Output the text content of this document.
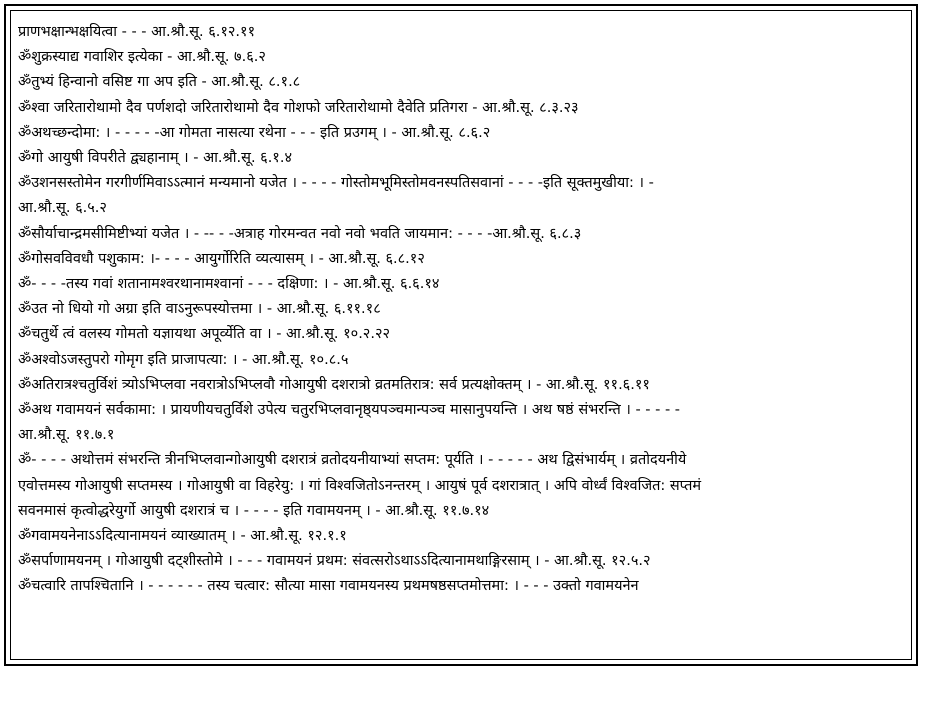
प्राणभक्षान्भक्षयित्वा - - - आ.श्रौ.सू. ६.१२.११
ॐशुक्रस्याद्य गवाशिर इत्येका - आ.श्रौ.सू. ७.६.२
ॐतुभ्यं हिन्वानो वसिष्ट गा अप इति - आ.श्रौ.सू. ८.१.८
ॐश्वा जरितारोथामो दैव पर्णशदो जरितारोथामो दैव गोशफो जरितारोथामो दैवेति प्रतिगरा - आ.श्रौ.सू. ८.३.२३
ॐअथच्छन्दोमा: । - - - - -आ गोमता नासत्या रथेना - - - इति प्रउगम् । - आ.श्रौ.सू. ८.६.२
ॐगो आयुषी विपरीते द्व्यहानाम् । - आ.श्रौ.सू. ६.१.४
ॐउशनसस्तोमेन गरगीर्णमिवाऽऽत्मानं मन्यमानो यजेत । - - - - गोस्तोमभूमिस्तोमवनस्पतिसवानां - - - -इति सूक्तमुखीया: । -
आ.श्रौ.सू. ६.५.२
ॐसौर्याचान्द्रमसीमिष्टीभ्यां यजेत । - -- - -अत्राह गोरमन्वत नवो नवो भवति जायमान: - - - -आ.श्रौ.सू. ६.८.३
ॐगोसवविवधौ पशुकाम: ।- - - - आयुर्गोरिति व्यत्यासम् । - आ.श्रौ.सू. ६.८.१२
ॐ- - - -तस्य गवां शतानामश्वरथानामश्वानां - - - दक्षिणा: । - आ.श्रौ.सू. ६.६.१४
ॐउत नो धियो गो अग्रा इति वाऽनुरूपस्योत्तमा । - आ.श्रौ.सू. ६.११.१८
ॐचतुर्थे त्वं वलस्य गोमतो यज्ञायथा अपूर्व्येति वा । - आ.श्रौ.सू. १०.२.२२
ॐअश्वोऽजस्तुपरो गोमृग इति प्राजापत्या: । - आ.श्रौ.सू. १०.८.५
ॐअतिरात्रश्चतुर्विशं त्र्योऽभिप्लवा नवरात्रोऽभिप्लवौ गोआयुषी दशरात्रो व्रतमतिरात्र: सर्व प्रत्यक्षोक्तम् । - आ.श्रौ.सू. ११.६.११
ॐअथ गवामयनं सर्वकामा: । प्रायणीयचतुर्विशे उपेत्य चतुरभिप्लवानृष्ठ्यपञ्चमान्पञ्च मासानुपयन्ति । अथ षष्ठं संभरन्ति । - - - - -
आ.श्रौ.सू. ११.७.१
ॐ- - - - अथोत्तमं संभरन्ति त्रीनभिप्लवान्गोआयुषी दशरात्रं व्रतोदयनीयाभ्यां सप्तम: पूर्यति । - - - - - अथ द्विसंभार्यम् । व्रतोदयनीये
एवोत्तमस्य गोआयुषी सप्तमस्य । गोआयुषी वा विहरेयु: । गां विश्वजितोऽनन्तरम् । आयुषं पूर्व दशरात्रात् । अपि वोर्ध्वं विश्वजित: सप्तमं
सवनमासं कृत्वोद्धरेयुर्गो आयुषी दशरात्रं च । - - - - इति गवामयनम् । - आ.श्रौ.सू. ११.७.१४
ॐगवामयनेनाऽऽदित्यानामयनं व्याख्यातम् । - आ.श्रौ.सू. १२.१.१
ॐसर्पाणामयनम् । गोआयुषी दट्शीस्तोमे । - - - गवामयनं प्रथम: संवत्सरोऽथाऽऽदित्यानामथाङ्गिरसाम् । - आ.श्रौ.सू. १२.५.२
ॐचत्वारि तापश्चितानि । - - - - - - तस्य चत्वार: सौत्या मासा गवामयनस्य प्रथमषष्ठसप्तमोत्तमा: । - - - उक्तो गवामयनेन
